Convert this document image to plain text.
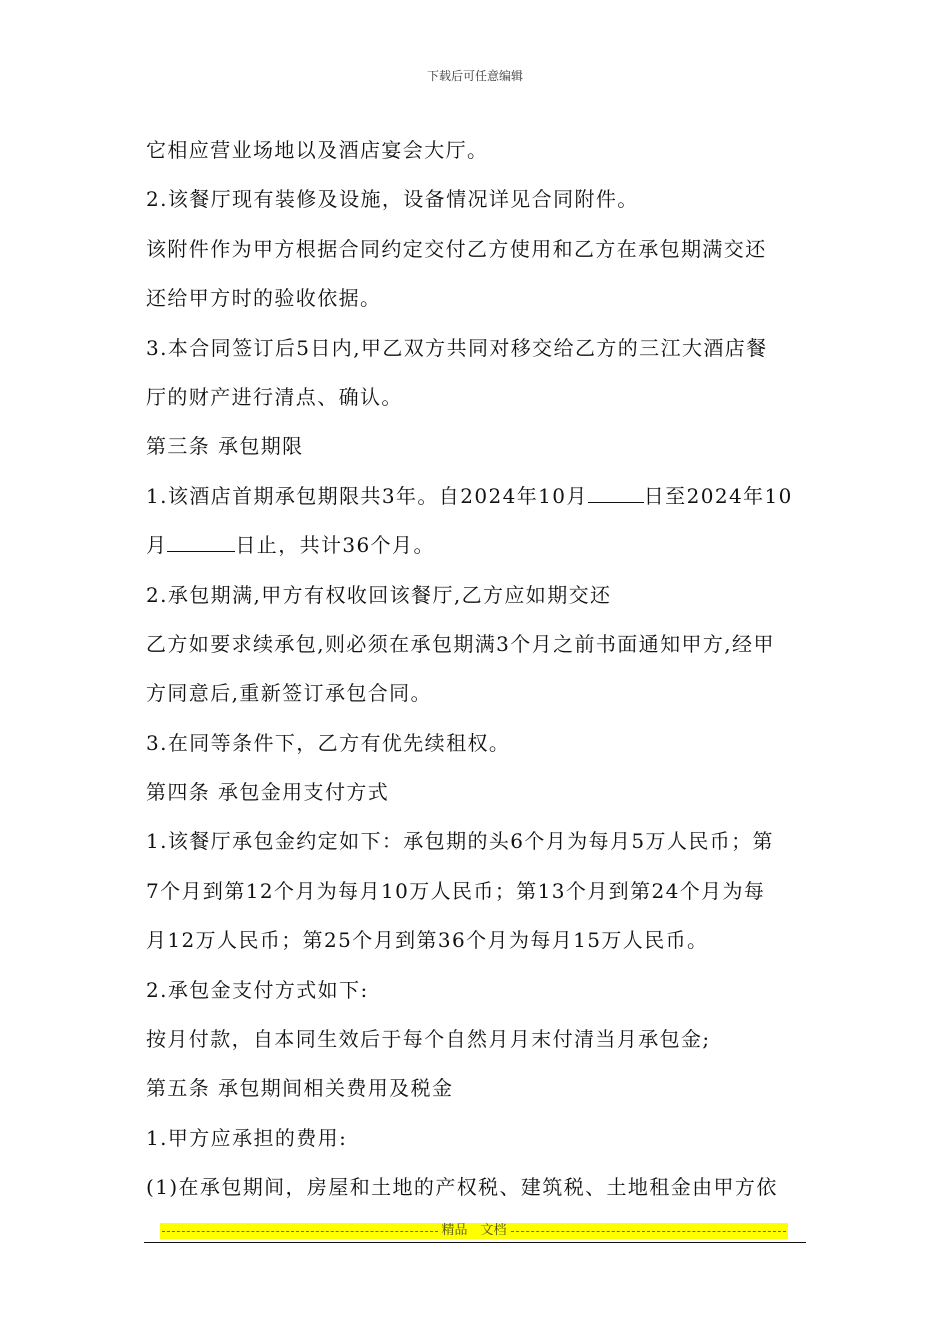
下载后可任意编辑
它相应营业场地以及酒店宴会大厅。
2.该餐厅现有装修及设施，设备情况详见合同附件。
该附件作为甲方根据合同约定交付乙方使用和乙方在承包期满交还
还给甲方时的验收依据。
3.本合同签订后5日内,甲乙双方共同对移交给乙方的三江大酒店餐
厅的财产进行清点、确认。
第三条 承包期限
1.该酒店首期承包期限共3年。自2024年10月	日至2024年10
月	日止，共计36个月。
2.承包期满,甲方有权收回该餐厅,乙方应如期交还
乙方如要求续承包,则必须在承包期满3个月之前书面通知甲方,经甲
方同意后,重新签订承包合同。
3.在同等条件下，乙方有优先续租权。
第四条 承包金用支付方式
1.该餐厅承包金约定如下：承包期的头6个月为每月5万人民币；第
7个月到第12个月为每月10万人民币；第13个月到第24个月为每
月12万人民币；第25个月到第36个月为每月15万人民币。
2.承包金支付方式如下:
按月付款，自本同生效后于每个自然月月末付清当月承包金;
第五条 承包期间相关费用及税金
1.甲方应承担的费用:
(1)在承包期间，房屋和土地的产权税、建筑税、土地租金由甲方依
精品　文档
